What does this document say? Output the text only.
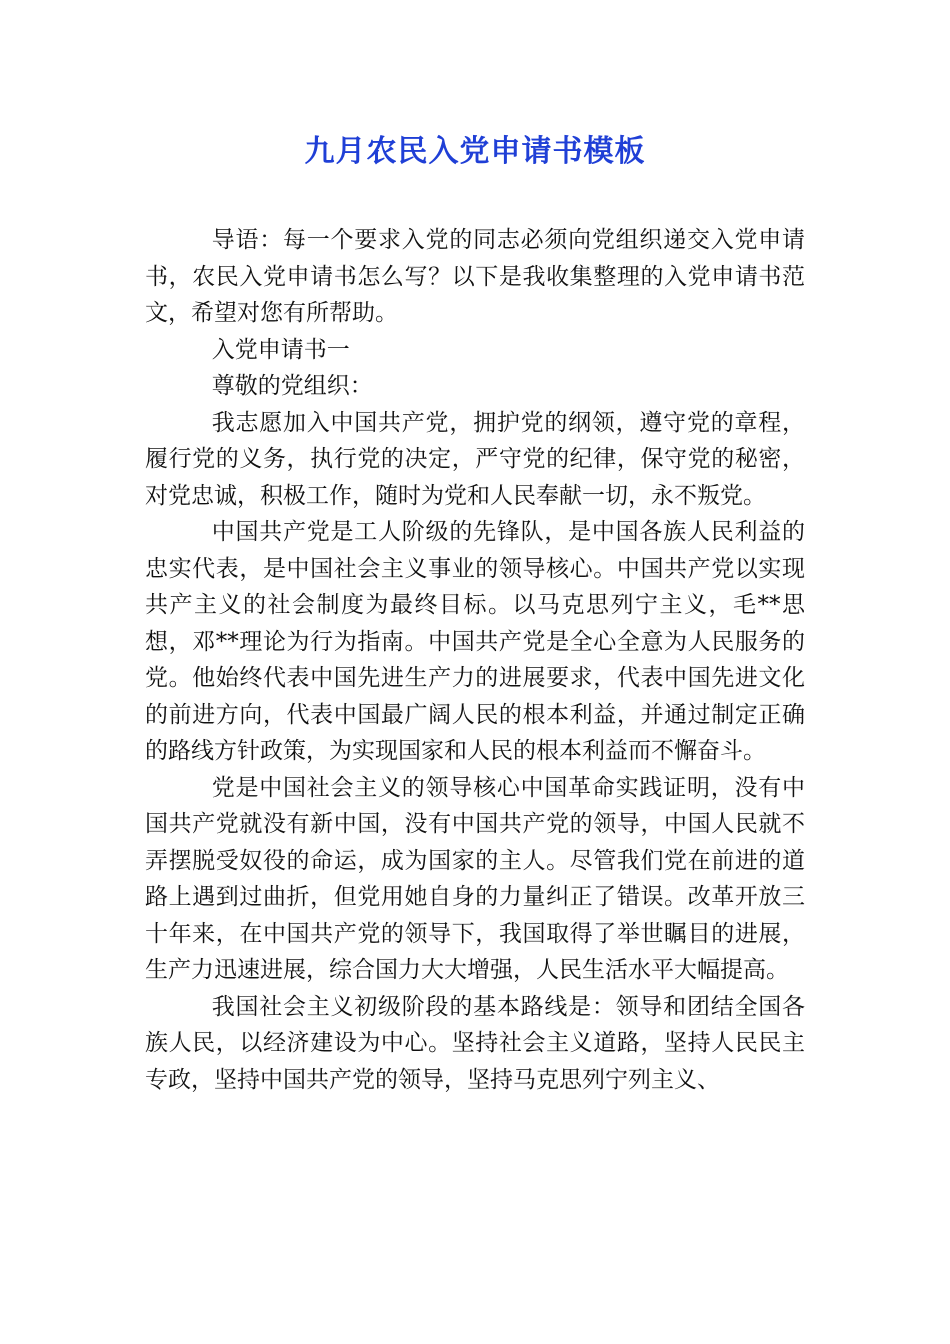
九月农民入党申请书模板

导语：每一个要求入党的同志必须向党组织递交入党申请书，农民入党申请书怎么写？以下是我收集整理的入党申请书范文，希望对您有所帮助。

入党申请书一

尊敬的党组织：

我志愿加入中国共产党，拥护党的纲领，遵守党的章程，履行党的义务，执行党的决定，严守党的纪律，保守党的秘密，对党忠诚，积极工作，随时为党和人民奉献一切，永不叛党。

中国共产党是工人阶级的先锋队，是中国各族人民利益的忠实代表，是中国社会主义事业的领导核心。中国共产党以实现共产主义的社会制度为最终目标。以马克思列宁主义，毛**思想，邓**理论为行为指南。中国共产党是全心全意为人民服务的党。他始终代表中国先进生产力的进展要求，代表中国先进文化的前进方向，代表中国最广阔人民的根本利益，并通过制定正确的路线方针政策，为实现国家和人民的根本利益而不懈奋斗。

党是中国社会主义的领导核心中国革命实践证明，没有中国共产党就没有新中国，没有中国共产党的领导，中国人民就不弄摆脱受奴役的命运，成为国家的主人。尽管我们党在前进的道路上遇到过曲折，但党用她自身的力量纠正了错误。改革开放三十年来，在中国共产党的领导下，我国取得了举世瞩目的进展，生产力迅速进展，综合国力大大增强，人民生活水平大幅提高。

我国社会主义初级阶段的基本路线是：领导和团结全国各族人民，以经济建设为中心。坚持社会主义道路，坚持人民民主专政，坚持中国共产党的领导，坚持马克思列宁列主义、
